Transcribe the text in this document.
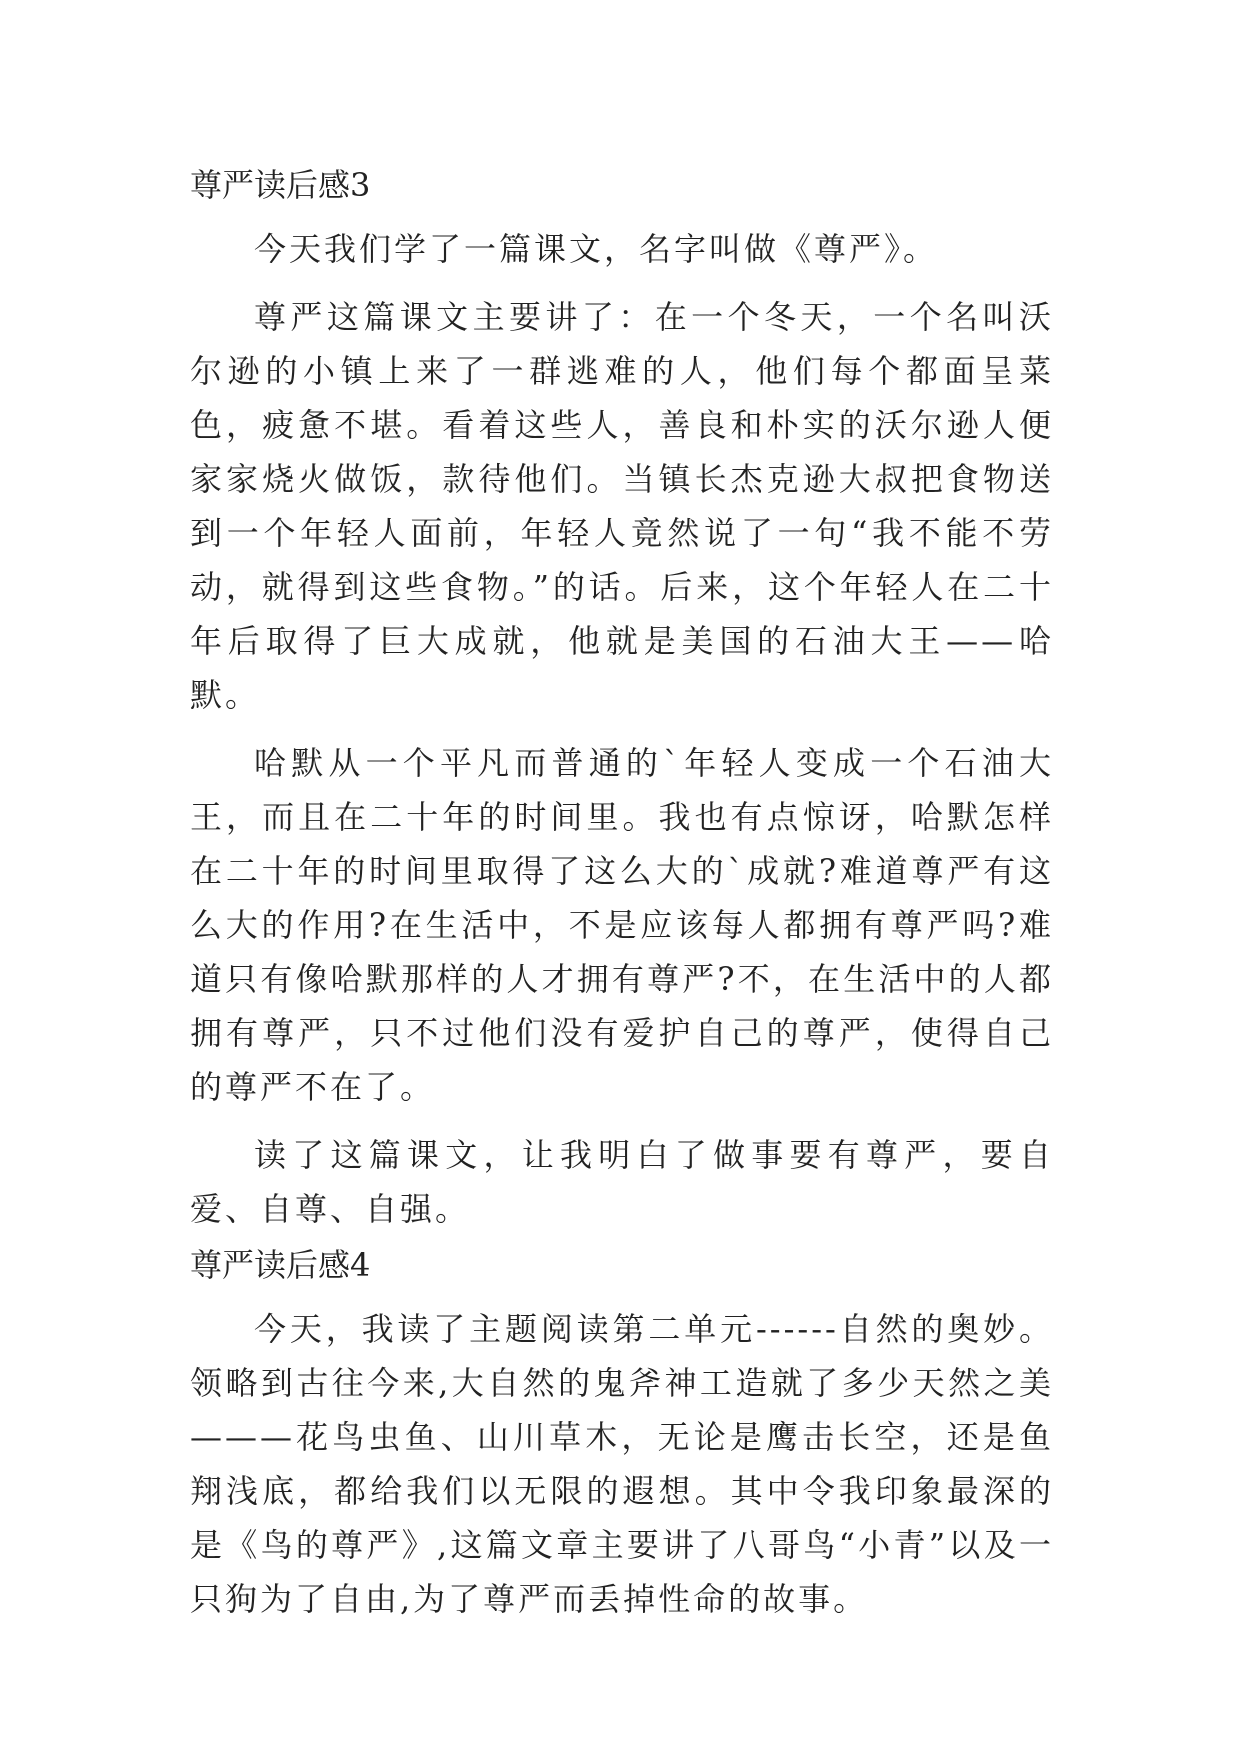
尊严读后感3

今天我们学了一篇课文，名字叫做《尊严》。

尊严这篇课文主要讲了：在一个冬天，一个名叫沃尔逊的小镇上来了一群逃难的人，他们每个都面呈菜色，疲惫不堪。看着这些人，善良和朴实的沃尔逊人便家家烧火做饭，款待他们。当镇长杰克逊大叔把食物送到一个年轻人面前，年轻人竟然说了一句“我不能不劳动，就得到这些食物。”的话。后来，这个年轻人在二十年后取得了巨大成就，他就是美国的石油大王——哈默。

哈默从一个平凡而普通的`年轻人变成一个石油大王，而且在二十年的时间里。我也有点惊讶，哈默怎样在二十年的时间里取得了这么大的`成就?难道尊严有这么大的作用?在生活中，不是应该每人都拥有尊严吗?难道只有像哈默那样的人才拥有尊严?不，在生活中的人都拥有尊严，只不过他们没有爱护自己的尊严，使得自己的尊严不在了。

读了这篇课文，让我明白了做事要有尊严，要自爱、自尊、自强。

尊严读后感4

今天，我读了主题阅读第二单元------自然的奥妙。领略到古往今来,大自然的鬼斧神工造就了多少天然之美———花鸟虫鱼、山川草木，无论是鹰击长空，还是鱼翔浅底，都给我们以无限的遐想。其中令我印象最深的是《鸟的尊严》,这篇文章主要讲了八哥鸟“小青”以及一只狗为了自由,为了尊严而丢掉性命的故事。
